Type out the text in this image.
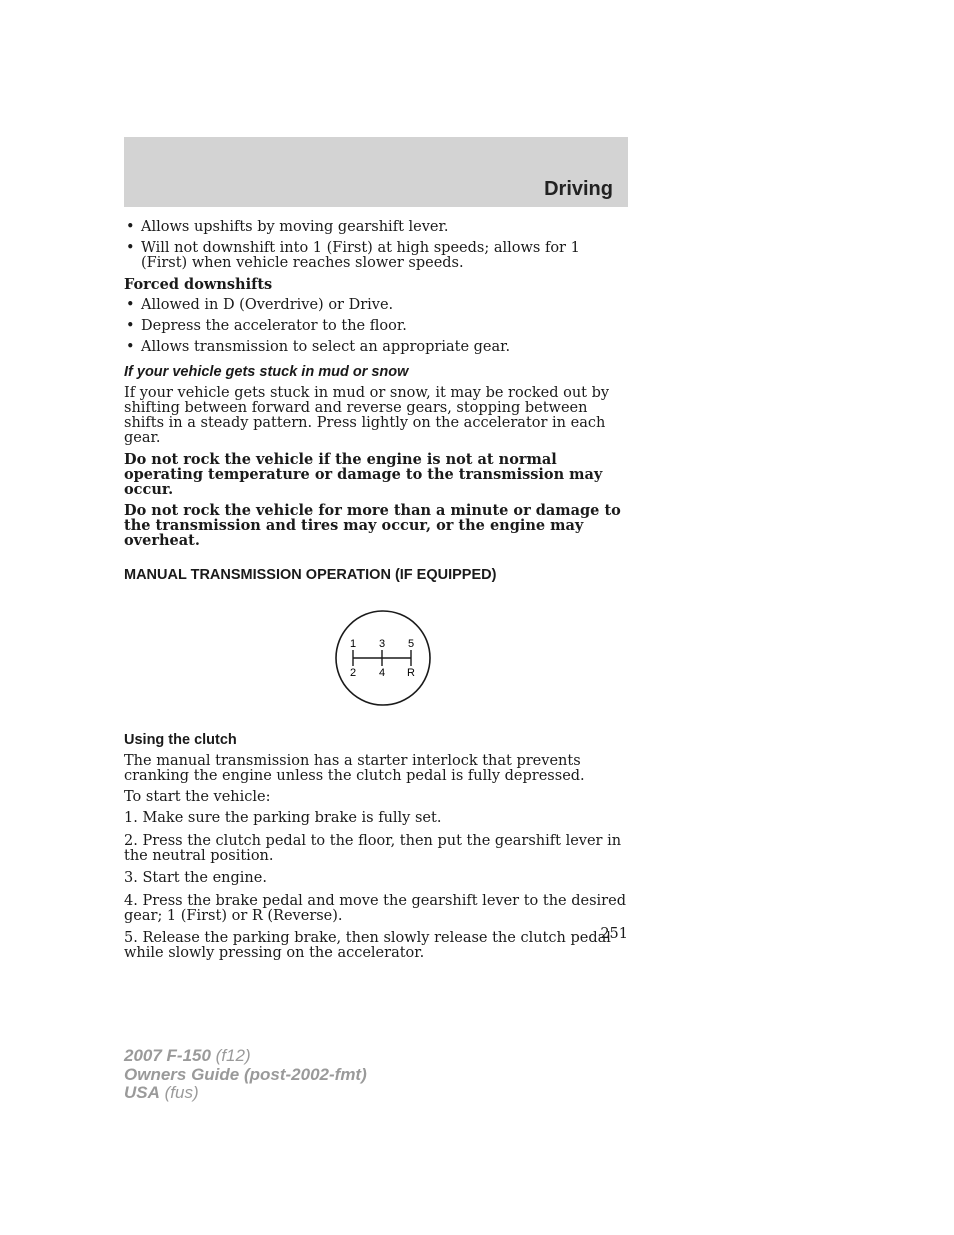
Driving
• Allows upshifts by moving gearshift lever.
• Will not downshift into 1 (First) at high speeds; allows for 1 (First) when vehicle reaches slower speeds.

Forced downshifts

• Allowed in D (Overdrive) or Drive.
• Depress the accelerator to the floor.
• Allows transmission to select an appropriate gear.
If your vehicle gets stuck in mud or snow

If your vehicle gets stuck in mud or snow, it may be rocked out by shifting between forward and reverse gears, stopping between shifts in a steady pattern. Press lightly on the accelerator in each gear.

Do not rock the vehicle if the engine is not at normal operating temperature or damage to the transmission may occur.

Do not rock the vehicle for more than a minute or damage to the transmission and tires may occur, or the engine may overheat.

MANUAL TRANSMISSION OPERATION (IF EQUIPPED)
1 3 5
2 4 R
Using the clutch

The manual transmission has a starter interlock that prevents cranking the engine unless the clutch pedal is fully depressed.

To start the vehicle:

1. Make sure the parking brake is fully set.

2. Press the clutch pedal to the floor, then put the gearshift lever in the neutral position.

3. Start the engine.

4. Press the brake pedal and move the gearshift lever to the desired gear; 1 (First) or R (Reverse).

5. Release the parking brake, then slowly release the clutch pedal while slowly pressing on the accelerator.

251
2007 F-150 (f12)
Owners Guide (post-2002-fmt)
USA (fus)
